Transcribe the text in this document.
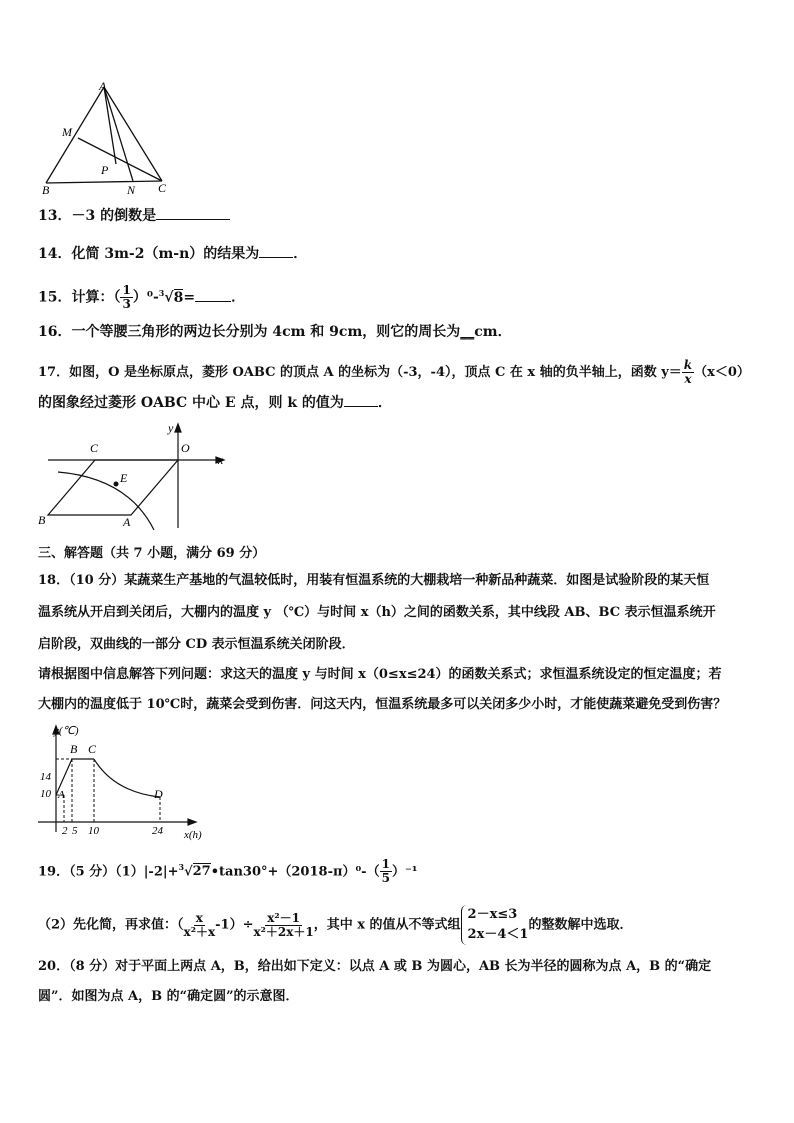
A
M
P
N
B	C
13．－3 的倒数是
14．化简 3m-2（m-n）的结果为 ．
15．计算：（ $\frac{1}{3} )^0-^3√8=$	．
16．一个等腰三角形的两边长分别为 4cm 和 9cm，则它的周长为__cm．
17．如图，O 是坐标原点，菱形 OABC 的顶点 A 的坐标为（-3，-4），顶点 C 在 x 轴的负半轴上，函数 $y= \frac{k}{x} (x<0)$
的图象经过菱形 OABC 中心 E 点，则 k 的值为 ．
y
x
C	O
E
B	A
三、解答题（共 7 小题，满分 69 分）
18．（10 分）某蔬菜生产基地的气温较低时，用装有恒温系统的大棚栽培一种新品种蔬菜．如图是试验阶段的某天恒
温系统从开启到关闭后，大棚内的温度 y （℃）与时间 x（h）之间的函数关系，其中线段 AB、BC 表示恒温系统开
启阶段，双曲线的一部分 CD 表示恒温系统关闭阶段．
请根据图中信息解答下列问题：求这天的温度 y 与时间 x（0≤x≤24）的函数关系式；求恒温系统设定的恒定温度；若
大棚内的温度低于 10℃时，蔬菜会受到伤害．问这天内，恒温系统最多可以关闭多少小时，才能使蔬菜避免受到伤害？
y(℃)
x(h)
14
10 A
B C
D
2 5 10	24
19．（5 分）（1）|-2|+$^3$√27•tan30°+（2018-π）⁰-（ $\frac{1}{5} )^{-1}$
（2）先化简，再求值：（ $\frac{x}{\text{x²＋x}} -1)\div \frac{\text{x²－1}}{\text{x²＋2x＋1}}$ ，其中 x 的值从不等式组
2－x≤3
2x－4＜1
的整数解中选取．
20．（8 分）对于平面上两点 A，B，给出如下定义：以点 A 或 B 为圆心，AB 长为半径的圆称为点 A，B 的“确定
圆”．如图为点 A，B 的“确定圆”的示意图．
